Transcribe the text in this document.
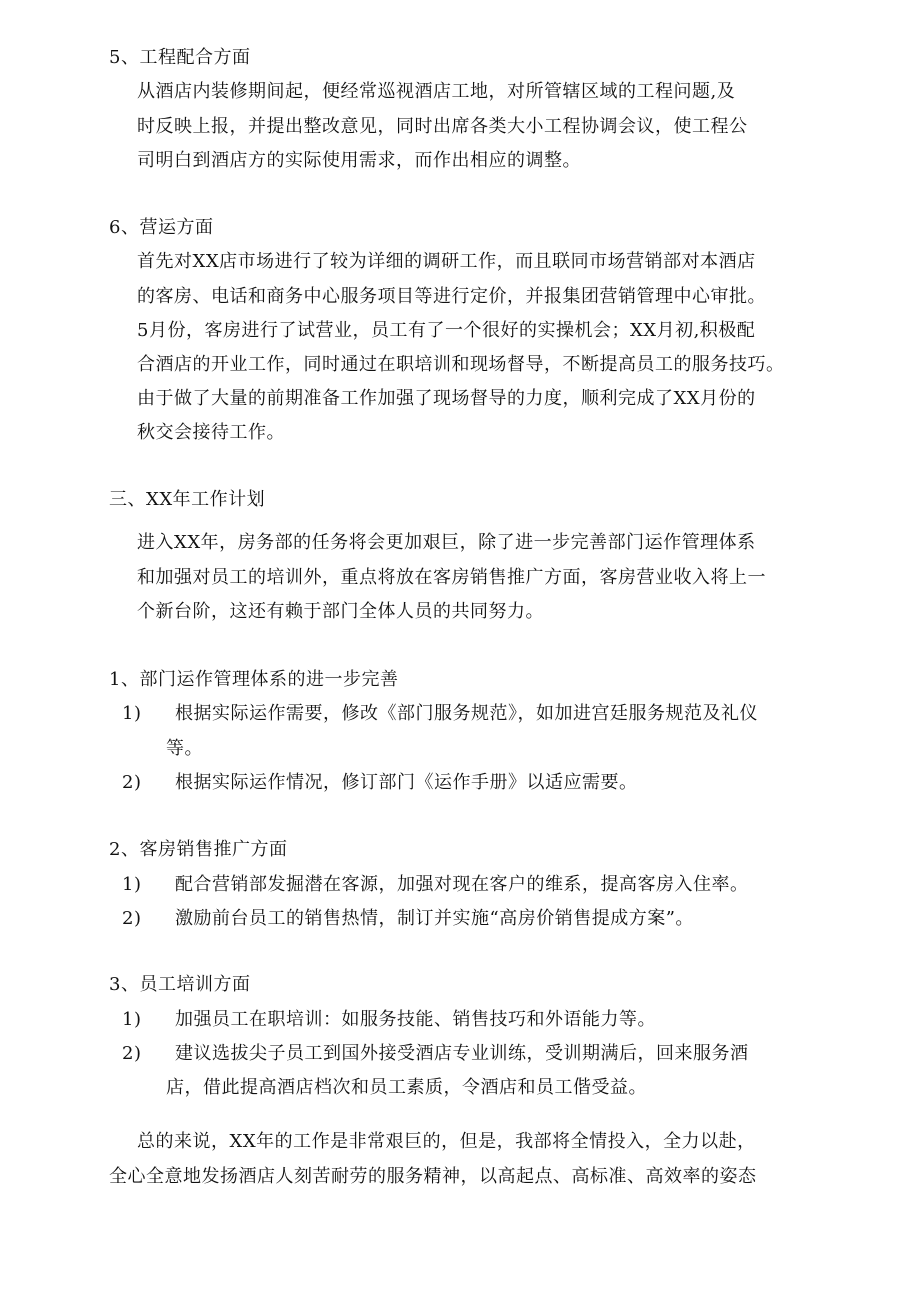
5、工程配合方面
从酒店内装修期间起，便经常巡视酒店工地，对所管辖区域的工程问题,及
时反映上报，并提出整改意见，同时出席各类大小工程协调会议，使工程公
司明白到酒店方的实际使用需求，而作出相应的调整。
6、营运方面
首先对XX店市场进行了较为详细的调研工作，而且联同市场营销部对本酒店
的客房、电话和商务中心服务项目等进行定价，并报集团营销管理中心审批。
5月份，客房进行了试营业，员工有了一个很好的实操机会；XX月初,积极配
合酒店的开业工作，同时通过在职培训和现场督导，不断提高员工的服务技巧。
由于做了大量的前期准备工作加强了现场督导的力度，顺利完成了XX月份的
秋交会接待工作。
三、XX年工作计划
进入XX年，房务部的任务将会更加艰巨，除了进一步完善部门运作管理体系
和加强对员工的培训外，重点将放在客房销售推广方面，客房营业收入将上一
个新台阶，这还有赖于部门全体人员的共同努力。
1、部门运作管理体系的进一步完善
1) 根据实际运作需要，修改《部门服务规范》，如加进宫廷服务规范及礼仪
等。
2) 根据实际运作情况，修订部门《运作手册》以适应需要。
2、客房销售推广方面
1) 配合营销部发掘潜在客源，加强对现在客户的维系，提高客房入住率。
2) 激励前台员工的销售热情，制订并实施“高房价销售提成方案”。
3、员工培训方面
1) 加强员工在职培训：如服务技能、销售技巧和外语能力等。
2) 建议选拔尖子员工到国外接受酒店专业训练，受训期满后，回来服务酒
店，借此提高酒店档次和员工素质，令酒店和员工偕受益。
总的来说，XX年的工作是非常艰巨的，但是，我部将全情投入，全力以赴，
全心全意地发扬酒店人刻苦耐劳的服务精神，以高起点、高标准、高效率的姿态
